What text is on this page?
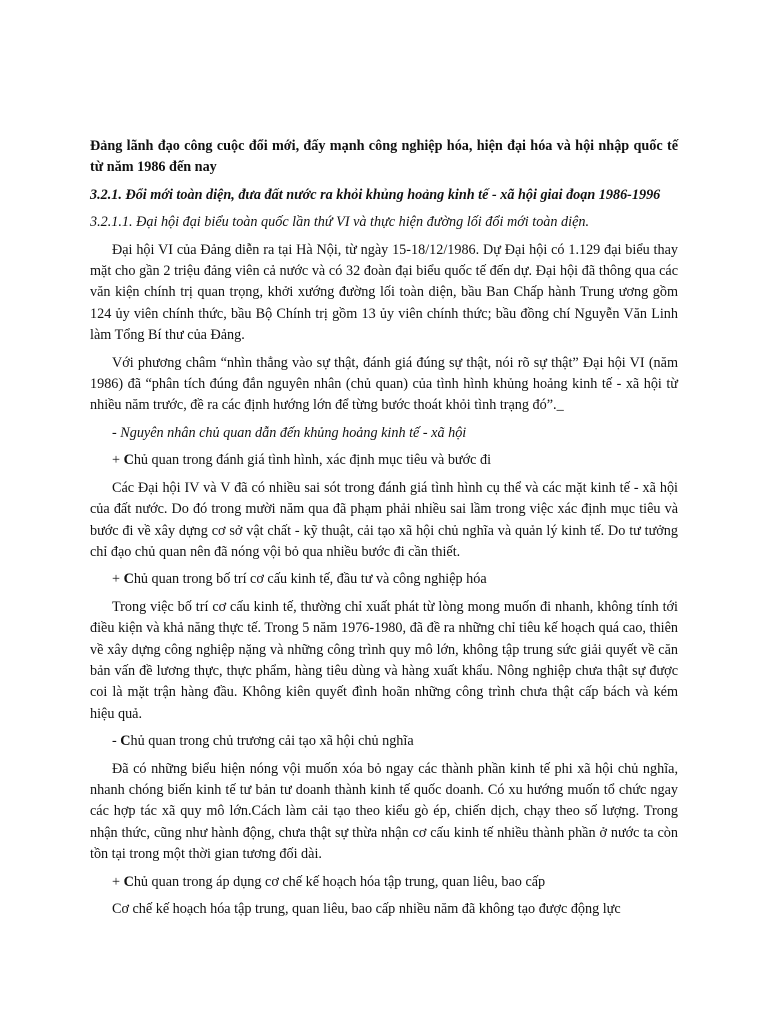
Đảng lãnh đạo công cuộc đổi mới, đấy mạnh công nghiệp hóa, hiện đại hóa và hội nhập quốc tế từ năm 1986 đến nay

3.2.1. Đổi mới toàn diện, đưa đất nước ra khỏi khủng hoảng kinh tế - xã hội giai đoạn 1986-1996

3.2.1.1. Đại hội đại biểu toàn quốc lần thứ VI và thực hiện đường lối đổi mới toàn diện.

Đại hội VI của Đảng diễn ra tại Hà Nội, từ ngày 15-18/12/1986. Dự Đại hội có 1.129 đại biểu thay mặt cho gần 2 triệu đảng viên cả nước và có 32 đoàn đại biểu quốc tế đến dự. Đại hội đã thông qua các văn kiện chính trị quan trọng, khởi xướng đường lối toàn diện, bầu Ban Chấp hành Trung ương gồm 124 ủy viên chính thức, bầu Bộ Chính trị gồm 13 ủy viên chính thức; bầu đồng chí Nguyễn Văn Linh làm Tổng Bí thư của Đảng.

Với phương châm “nhìn thẳng vào sự thật, đánh giá đúng sự thật, nói rõ sự thật” Đại hội VI (năm 1986) đã “phân tích đúng đắn nguyên nhân (chủ quan) của tình hình khủng hoảng kinh tế - xã hội từ nhiều năm trước, đề ra các định hướng lớn để từng bước thoát khỏi tình trạng đó”._

- Nguyên nhân chủ quan dẫn đến khủng hoảng kinh tế - xã hội

+ Chủ quan trong đánh giá tình hình, xác định mục tiêu và bước đi

Các Đại hội IV và V đã có nhiều sai sót trong đánh giá tình hình cụ thể và các mặt kinh tế - xã hội của đất nước. Do đó trong mười năm qua đã phạm phải nhiều sai lầm trong việc xác định mục tiêu và bước đi về xây dựng cơ sở vật chất - kỹ thuật, cải tạo xã hội chủ nghĩa và quản lý kinh tế. Do tư tưởng chỉ đạo chủ quan nên đã nóng vội bỏ qua nhiều bước đi cần thiết.

+ Chủ quan trong bố trí cơ cấu kinh tế, đầu tư và công nghiệp hóa

Trong việc bố trí cơ cấu kinh tế, thường chỉ xuất phát từ lòng mong muốn đi nhanh, không tính tới điều kiện và khả năng thực tế. Trong 5 năm 1976-1980, đã đề ra những chỉ tiêu kế hoạch quá cao, thiên về xây dựng công nghiệp nặng và những công trình quy mô lớn, không tập trung sức giải quyết về căn bản vấn đề lương thực, thực phẩm, hàng tiêu dùng và hàng xuất khẩu. Nông nghiệp chưa thật sự được coi là mặt trận hàng đầu. Không kiên quyết đình hoãn những công trình chưa thật cấp bách và kém hiệu quả.

- Chủ quan trong chủ trương cải tạo xã hội chủ nghĩa

Đã có những biểu hiện nóng vội muốn xóa bỏ ngay các thành phần kinh tế phi xã hội chủ nghĩa, nhanh chóng biến kinh tế tư bản tư doanh thành kinh tế quốc doanh. Có xu hướng muốn tổ chức ngay các hợp tác xã quy mô lớn.Cách làm cải tạo theo kiểu gò ép, chiến dịch, chạy theo số lượng. Trong nhận thức, cũng như hành động, chưa thật sự thừa nhận cơ cấu kinh tế nhiều thành phần ở nước ta còn tồn tại trong một thời gian tương đối dài.

+ Chủ quan trong áp dụng cơ chế kế hoạch hóa tập trung, quan liêu, bao cấp

Cơ chế kế hoạch hóa tập trung, quan liêu, bao cấp nhiều năm đã không tạo được động lực
